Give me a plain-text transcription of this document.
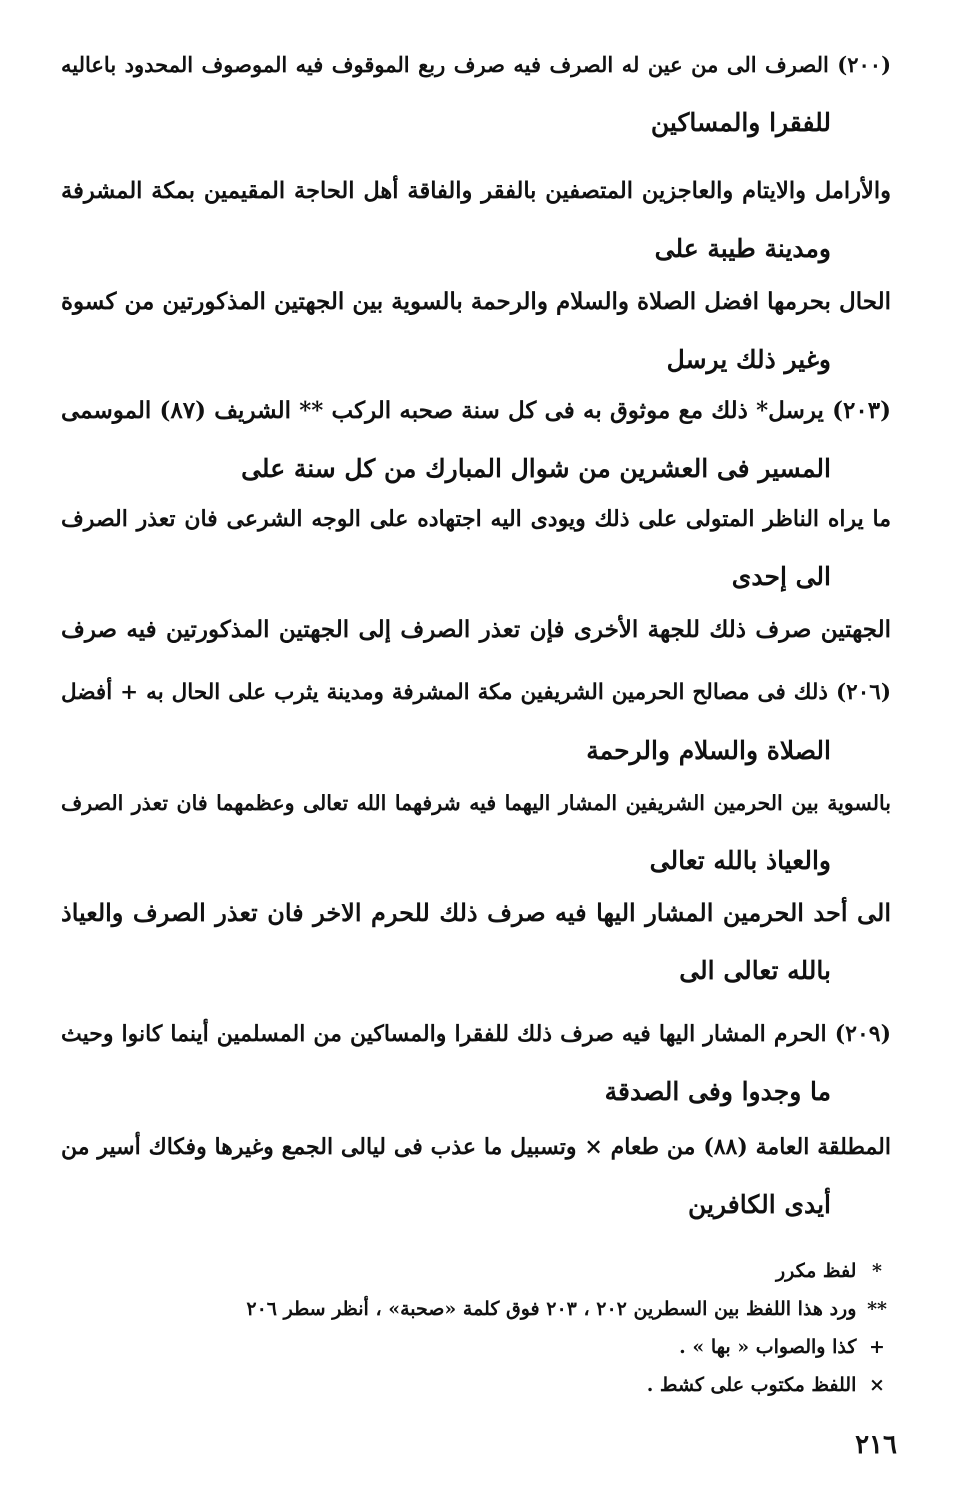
(٢٠٠) الصرف الى من عين له الصرف فيه صرف ربع الموقوف فيه الموصوف المحدود باعاليه
للفقرا والمساكين
والأرامل والايتام والعاجزين المتصفين بالفقر والفاقة أهل الحاجة المقيمين بمكة المشرفة
ومدينة طيبة على
الحال بحرمها افضل الصلاة والسلام والرحمة بالسوية بين الجهتين المذكورتين من كسوة
وغير ذلك يرسل
(٢٠٣) يرسل* ذلك مع موثوق به فى كل سنة صحبه الركب ** الشريف (٨٧) الموسمى
المسير فى العشرين من شوال المبارك من كل سنة على
ما يراه الناظر المتولى على ذلك ويودى اليه اجتهاده على الوجه الشرعى فان تعذر الصرف
الى إحدى
الجهتين صرف ذلك للجهة الأخرى فإن تعذر الصرف إلى الجهتين المذكورتين فيه صرف
(٢٠٦) ذلك فى مصالح الحرمين الشريفين مكة المشرفة ومدينة يثرب على الحال به + أفضل
الصلاة والسلام والرحمة
بالسوية بين الحرمين الشريفين المشار اليهما فيه شرفهما الله تعالى وعظمهما فان تعذر الصرف
والعياذ بالله تعالى
الى أحد الحرمين المشار اليها فيه صرف ذلك للحرم الاخر فان تعذر الصرف والعياذ
بالله تعالى الى
(٢٠٩) الحرم المشار اليها فيه صرف ذلك للفقرا والمساكين من المسلمين أينما كانوا وحيث
ما وجدوا وفى الصدقة
المطلقة العامة (٨٨) من طعام × وتسبيل ما عذب فى ليالى الجمع وغيرها وفكاك أسير من
أيدى الكافرين
* لفظ مكرر
** ورد هذا اللفظ بين السطرين ٢٠٢ ، ٢٠٣ فوق كلمة «صحبة» ، أنظر سطر ٢٠٦
+ كذا والصواب « بها » .
× اللفظ مكتوب على كشط .
٢١٦
